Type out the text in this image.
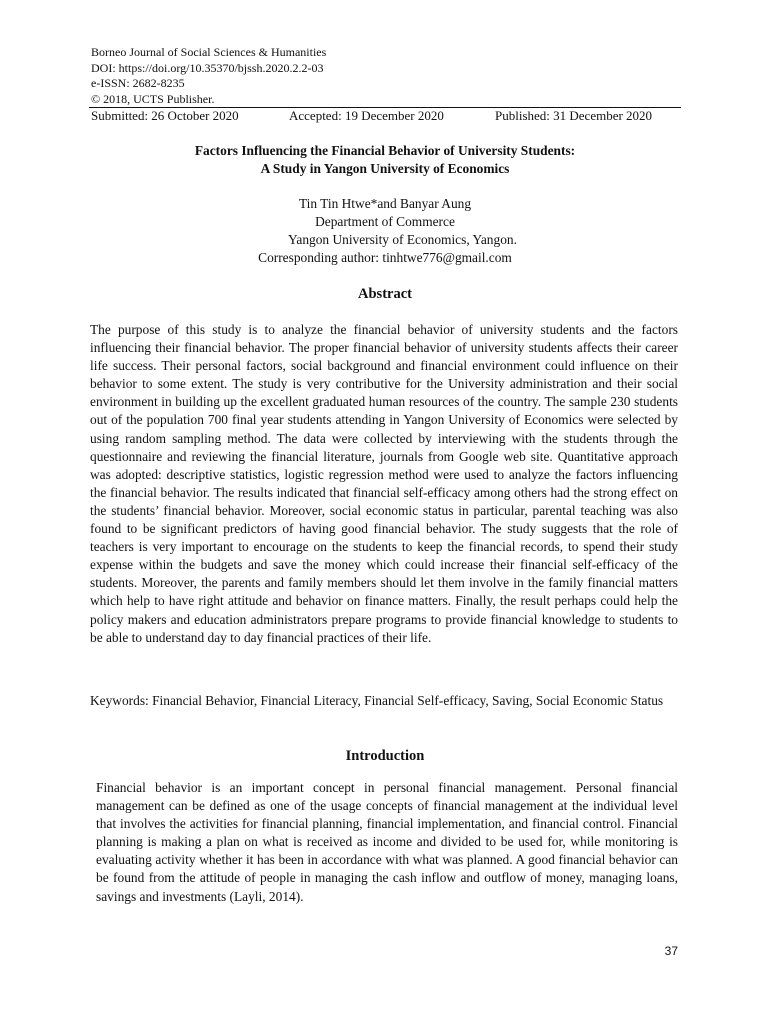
Borneo Journal of Social Sciences & Humanities
DOI: https://doi.org/10.35370/bjssh.2020.2.2-03
e-ISSN: 2682-8235
© 2018, UCTS Publisher.
Submitted: 26 October 2020	Accepted: 19 December 2020	Published: 31 December 2020
Factors Influencing the Financial Behavior of University Students:
A Study in Yangon University of Economics
Tin Tin Htwe*and Banyar Aung
Department of Commerce
Yangon University of Economics, Yangon.
Corresponding author: tinhtwe776@gmail.com
Abstract

The purpose of this study is to analyze the financial behavior of university students and the factors influencing their financial behavior. The proper financial behavior of university students affects their career life success. Their personal factors, social background and financial environment could influence on their behavior to some extent. The study is very contributive for the University administration and their social environment in building up the excellent graduated human resources of the country. The sample 230 students out of the population 700 final year students attending in Yangon University of Economics were selected by using random sampling method. The data were collected by interviewing with the students through the questionnaire and reviewing the financial literature, journals from Google web site. Quantitative approach was adopted: descriptive statistics, logistic regression method were used to analyze the factors influencing the financial behavior. The results indicated that financial self-efficacy among others had the strong effect on the students’ financial behavior. Moreover, social economic status in particular, parental teaching was also found to be significant predictors of having good financial behavior. The study suggests that the role of teachers is very important to encourage on the students to keep the financial records, to spend their study expense within the budgets and save the money which could increase their financial self-efficacy of the students. Moreover, the parents and family members should let them involve in the family financial matters which help to have right attitude and behavior on finance matters. Finally, the result perhaps could help the policy makers and education administrators prepare programs to provide financial knowledge to students to be able to understand day to day financial practices of their life.

Keywords: Financial Behavior, Financial Literacy, Financial Self-efficacy, Saving, Social Economic Status

Introduction

Financial behavior is an important concept in personal financial management. Personal financial management can be defined as one of the usage concepts of financial management at the individual level that involves the activities for financial planning, financial implementation, and financial control. Financial planning is making a plan on what is received as income and divided to be used for, while monitoring is evaluating activity whether it has been in accordance with what was planned. A good financial behavior can be found from the attitude of people in managing the cash inflow and outflow of money, managing loans, savings and investments (Layli, 2014).

37
